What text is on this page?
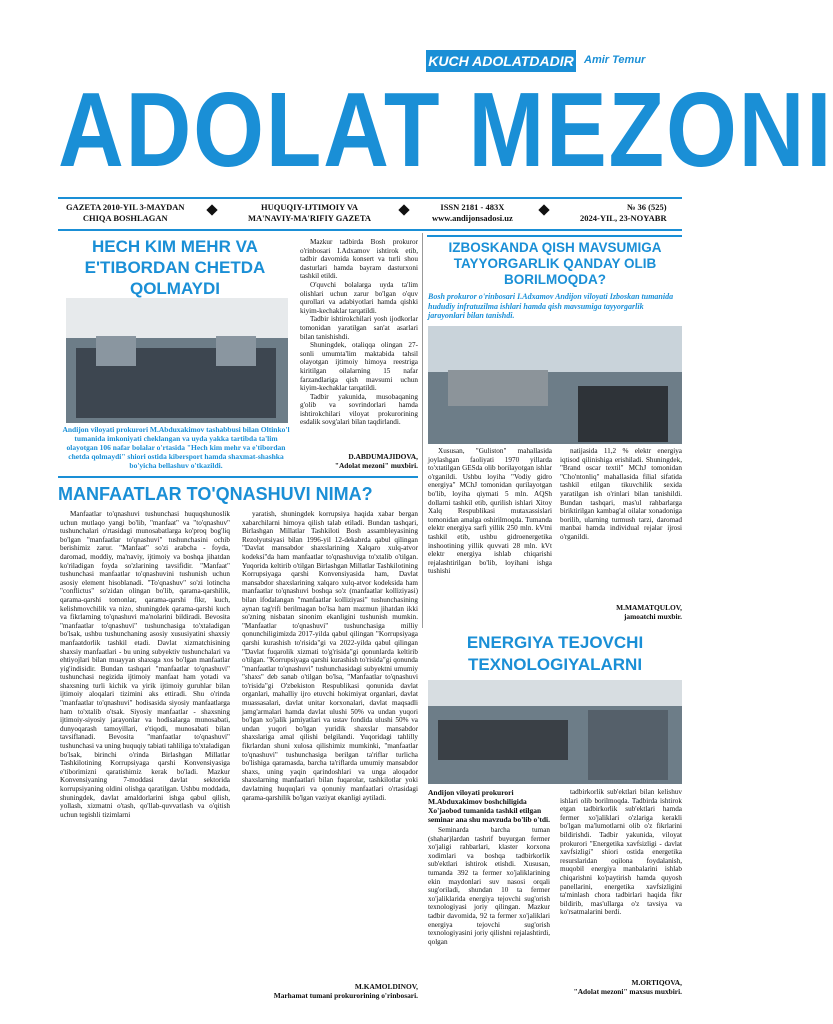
KUCH ADOLATDADIR Amir Temur
ADOLAT MEZONI
GAZETA 2010-YIL 3-MAYDAN
CHIQA BOSHLAGAN
HUQUQIY-IJTIMOIY VA
MA'NAVIY-MA'RIFIY GAZETA
ISSN 2181 - 483X
www.andijonsadosi.uz
№ 36 (525)
2024-YIL, 23-NOYABR
HECH KIM MEHR VA E'TIBORDAN CHETDA QOLMAYDI
Andijon viloyati prokurori M.Abduxakimov tashabbusi bilan Oltinko'l tumanida imkoniyati cheklangan va uyda yakka tartibda ta'lim olayotgan 106 nafar bolalar o'rtasida "Hech kim mehr va e'tibordan chetda qolmaydi" shiori ostida kibersport hamda shaxmat-shashka bo'yicha bellashuv o'tkazildi.

Mazkur tadbirda Bosh prokuror o'rinbosari I.Adxamov ishtirok etib, tadbir davomida konsert va turli shou dasturlari hamda bayram dasturxoni tashkil etildi.

O'quvchi bolalarga uyda ta'lim olishlari uchun zarur bo'lgan o'quv qurollari va adabiyotlari hamda qishki kiyim-kechaklar tarqatildi.

Tadbir ishtirokchilari yosh ijodkorlar tomonidan yaratilgan san'at asarlari bilan tanishishdi.

Shuningdek, otaliqqa olingan 27-sonli umumta'lim maktabida tahsil olayotgan ijtimoiy himoya reestriga kiritilgan oilalarning 15 nafar farzandlariga qish mavsumi uchun kiyim-kechaklar tarqatildi.

Tadbir yakunida, musobaqaning g'olib va sovrindorlari hamda ishtirokchilari viloyat prokurorining esdalik sovg'alari bilan taqdirlandi.

D.ABDUMAJIDOVA,
"Adolat mezoni" muxbiri.
IZBOSKANDA QISH MAVSUMIGA TAYYORGARLIK QANDAY OLIB BORILMOQDA?
Bosh prokuror o'rinbosari I.Adxamov Andijon viloyati Izboskan tumanida hududiy infratuzilma ishlari hamda qish mavsumiga tayyorgarlik jarayonlari bilan tanishdi.

Xususan, "Guliston" mahallasida joylashgan faoliyati 1970 yillarda to'xtatilgan GESda olib borilayotgan ishlar o'rganildi. Ushbu loyiha "Vodiy gidro energiya" MChJ tomonidan qurilayotgan bo'lib, loyiha qiymati 5 mln. AQSh dollarni tashkil etib, qurilish ishlari Xitoy Xalq Respublikasi mutaxassislari tomonidan amalga oshirilmoqda. Tumanda elektr energiya sarfi yillik 250 mln. kVtni tashkil etib, ushbu gidroenergetika inshootining yillik quvvati 28 mln. kVt elektr energiya ishlab chiqarishi rejalashtirilgan bo'lib, loyihani ishga tushishi

natijasida 11,2 % elektr energiya iqtisod qilinishiga erishiladi. Shuningdek, "Brand oscar textil" MChJ tomonidan "Cho'ntonliq" mahallasida filial sifatida tashkil etilgan tikuvchilik sexida yaratilgan ish o'rinlari bilan tanishildi. Bundan tashqari, mas'ul rahbarlarga biriktirilgan kambag'al oilalar xonadoniga borilib, ularning turmush tarzi, daromad manbai hamda individual rejalar ijrosi o'rganildi.

M.MAMATQULOV,
jamoatchi muxbir.
MANFAATLAR TO'QNASHUVI NIMA?

Manfaatlar to'qnashuvi tushunchasi huquqshunoslik uchun mutlaqo yangi bo'lib, "manfaat" va "to'qnashuv" tushunchalari o'rtasidagi munosabatlarga ko'proq bog'liq bo'lgan "manfaatlar to'qnashuvi" tushunchasini ochib berishimiz zarur. "Manfaat" so'zi arabcha - foyda, daromad, moddiy, ma'naviy, ijtimoiy va boshqa jihatdan ko'riladigan foyda so'zlarining tavsifidir. "Manfaat" tushunchasi manfaatlar to'qnashuvini tushunish uchun asosiy element hisoblanadi. "To'qnashuv" so'zi lotincha "conflictus" so'zidan olingan bo'lib, qarama-qarshilik, qarama-qarshi tomonlar, qarama-qarshi fikr, kuch, kelishmovchilik va nizo, shuningdek qarama-qarshi kuch va fikrlarning to'qnashuvi ma'nolarini bildiradi. Bevosita "manfaatlar to'qnashuvi" tushunchasiga to'xtaladigan bo'lsak, ushbu tushunchaning asosiy xususiyatini shaxsiy manfaatdorlik tashkil etadi. Davlat xizmatchisining shaxsiy manfaatlari - bu uning subyektiv tushunchalari va ehtiyojlari bilan muayyan shaxsga xos bo'lgan manfaatlar yig'indisidir. Bundan tashqari "manfaatlar to'qnashuvi" tushunchasi negizida ijtimoiy manfaat ham yotadi va shaxsning turli kichik va yirik ijtimoiy guruhlar bilan ijtimoiy aloqalari tizimini aks ettiradi. Shu o'rinda "manfaatlar to'qnashuvi" hodisasida siyosiy manfaatlarga ham to'xtalib o'tsak. Siyosiy manfaatlar - shaxsning ijtimoiy-siyosiy jarayonlar va hodisalarga munosabati, dunyoqarash tamoyillari, e'tiqodi, munosabati bilan tavsiflanadi. Bevosita "manfaatlar to'qnashuvi" tushunchasi va uning huquqiy tabiati tahliliga to'xtaladigan bo'lsak, birinchi o'rinda Birlashgan Millatlar Tashkilotining Korrupsiyaga qarshi Konvensiyasiga e'tiborimizni qaratishimiz kerak bo'ladi. Mazkur Konvensiyaning 7-moddasi davlat sektorida korrupsiyaning oldini olishga qaratilgan. Ushbu moddada, shuningdek, davlat amaldorlarini ishga qabul qilish, yollash, xizmatni o'tash, qo'llab-quvvatlash va o'qitish uchun tegishli tizimlarni

yaratish, shuningdek korrupsiya haqida xabar bergan xabarchilarni himoya qilish talab etiladi. Bundan tashqari, Birlashgan Millatlar Tashkiloti Bosh assambleyasining Rezolyutsiyasi bilan 1996-yil 12-dekabrda qabul qilingan "Davlat mansabdor shaxslarining Xalqaro xulq-atvor kodeksi"da ham manfaatlar to'qnashuviga to'xtalib o'tilgan. Yuqorida keltirib o'tilgan Birlashgan Millatlar Tashkilotining Korrupsiyaga qarshi Konvensiyasida ham, Davlat mansabdor shaxslarining xalqaro xulq-atvor kodeksida ham manfaatlar to'qnashuvi boshqa so'z (manfaatlar kolliziyasi) bilan ifodalangan "manfaatlar kolliziyasi" tushunchasining aynan tag'rifi berilmagan bo'lsa ham mazmun jihatdan ikki so'zning nisbatan sinonim ekanligini tushunish mumkin. "Manfaatlar to'qnashuvi" tushunchasiga milliy qonunchiligimizda 2017-yilda qabul qilingan "Korrupsiyaga qarshi kurashish to'risida"gi va 2022-yilda qabul qilingan "Davlat fuqarolik xizmati to'g'risida"gi qonunlarda keltirib o'tilgan. "Korrupsiyaga qarshi kurashish to'risida"gi qonunda "manfaatlar to'qnashuvi" tushunchasidagi subyektni umumiy "shaxs" deb sanab o'tilgan bo'lsa, "Manfaatlar to'qnashuvi to'risida"gi O'zbekiston Respublikasi qonunida davlat organlari, mahalliy ijro etuvchi hokimiyat organlari, davlat muassasalari, davlat unitar korxonalari, davlat maqsadli jamg'armalari hamda davlat ulushi 50% va undan yuqori bo'lgan xo'jalik jamiyatlari va ustav fondida ulushi 50% va undan yuqori bo'lgan yuridik shaxslar mansabdor shaxslariga amal qilishi belgilandi. Yuqoridagi tahlilly fikrlardan shuni xulosa qilishimiz mumkinki, "manfaatlar to'qnashuvi" tushunchasiga berilgan ta'riflar turlicha bo'lishiga qaramasda, barcha ta'riflarda umumiy mansabdor shaxs, uning yaqin qarindoshlari va unga aloqador shaxslarning manfaatlari bilan fuqarolar, tashkilotlar yoki davlatning huquqlari va qonuniy manfaatlari o'rtasidagi qarama-qarshilik bo'lgan vaziyat ekanligi aytiladi.

M.KAMOLDINOV,
Marhamat tumani prokurorining o'rinbosari.
ENERGIYA TEJOVCHI TEXNOLOGIYALARNI
Andijon viloyati prokurori M.Abduxakimov boshchiligida Xo'jaobod tumanida tashkil etilgan seminar ana shu mavzuda bo'lib o'tdi.

Seminarda barcha tuman (shahar)lardan tashrif buyurgan fermer xo'jaligi rahbarlari, klaster korxona xodimlari va boshqa tadbirkorlik sub'ektlari ishtirok etishdi. Xususan, tumanda 392 ta fermer xo'jaliklarining ekin maydonlari suv nasosi orqali sug'oriladi, shundan 10 ta fermer xo'jaliklarida energiya tejovchi sug'orish texnologiyasi joriy qilingan. Mazkur tadbir davomida, 92 ta fermer xo'jaliklari energiya tejovchi sug'orish texnologiyasini joriy qilishni rejalashtirdi, qolgan

tadbirkorlik sub'ektlari bilan kelishuv ishlari olib borilmoqda. Tadbirda ishtirok etgan tadbirkorlik sub'ektlari hamda fermer xo'jaliklari o'zlariga kerakli bo'lgan ma'lumotlarni olib o'z fikrlarini bildirishdi. Tadbir yakunida, viloyat prokurori "Energetika xavfsizligi - davlat xavfsizligi" shiori ostida energetika resurslaridan oqilona foydalanish, muqobil energiya manbalarini ishlab chiqarishni ko'paytirish hamda quyosh panellarini, energetika xavfsizligini ta'minlash chora tadbirlari haqida fikr bildirib, mas'ullarga o'z tavsiya va ko'rsatmalarini berdi.

M.ORTIQOVA,
"Adolat mezoni" maxsus muxbiri.
